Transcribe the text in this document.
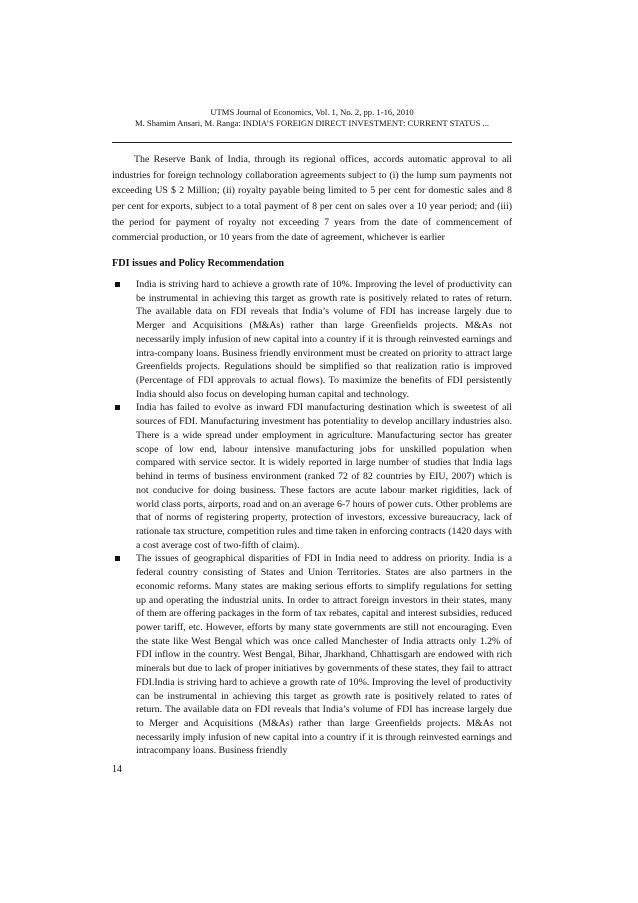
UTMS Journal of Economics, Vol. 1, No. 2, pp. 1-16, 2010
M. Shamim Ansari, M. Ranga: INDIA’S FOREIGN DIRECT INVESTMENT: CURRENT STATUS ...

The Reserve Bank of India, through its regional offices, accords automatic approval to all industries for foreign technology collaboration agreements subject to (i) the lump sum payments not exceeding US $ 2 Million; (ii) royalty payable being limited to 5 per cent for domestic sales and 8 per cent for exports, subject to a total payment of 8 per cent on sales over a 10 year period; and (iii) the period for payment of royalty not exceeding 7 years from the date of commencement of commercial production, or 10 years from the date of agreement, whichever is earlier

FDI issues and Policy Recommendation
India is striving hard to achieve a growth rate of 10%. Improving the level of productivity can be instrumental in achieving this target as growth rate is positively related to rates of return. The available data on FDI reveals that India’s volume of FDI has increase largely due to Merger and Acquisitions (M&As) rather than large Greenfields projects. M&As not necessarily imply infusion of new capital into a country if it is through reinvested earnings and intra-company loans. Business friendly environment must be created on priority to attract large Greenfields projects. Regulations should be simplified so that realization ratio is improved (Percentage of FDI approvals to actual flows). To maximize the benefits of FDI persistently India should also focus on developing human capital and technology.
India has failed to evolve as inward FDI manufacturing destination which is sweetest of all sources of FDI. Manufacturing investment has potentiality to develop ancillary industries also. There is a wide spread under employment in agriculture. Manufacturing sector has greater scope of low end, labour intensive manufacturing jobs for unskilled population when compared with service sector. It is widely reported in large number of studies that India lags behind in terms of business environment (ranked 72 of 82 countries by EIU, 2007) which is not conducive for doing business. These factors are acute labour market rigidities, lack of world class ports, airports, road and on an average 6-7 hours of power cuts. Other problems are that of norms of registering property, protection of investors, excessive bureaucracy, lack of rationale tax structure, competition rules and time taken in enforcing contracts (1420 days with a cost average cost of two-fifth of claim).
The issues of geographical disparities of FDI in India need to address on priority. India is a federal country consisting of States and Union Territories. States are also partners in the economic reforms. Many states are making serious efforts to simplify regulations for setting up and operating the industrial units. In order to attract foreign investors in their states, many of them are offering packages in the form of tax rebates, capital and interest subsidies, reduced power tariff, etc. However, efforts by many state governments are still not encouraging. Even the state like West Bengal which was once called Manchester of India attracts only 1.2% of FDI inflow in the country. West Bengal, Bihar, Jharkhand, Chhattisgarh are endowed with rich minerals but due to lack of proper initiatives by governments of these states, they fail to attract FDI.India is striving hard to achieve a growth rate of 10%. Improving the level of productivity can be instrumental in achieving this target as growth rate is positively related to rates of return. The available data on FDI reveals that India’s volume of FDI has increase largely due to Merger and Acquisitions (M&As) rather than large Greenfields projects. M&As not necessarily imply infusion of new capital into a country if it is through reinvested earnings and intracompany loans. Business friendly
14
